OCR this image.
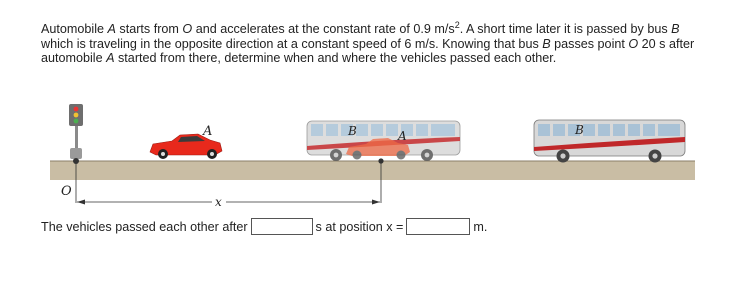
Automobile A starts from O and accelerates at the constant rate of 0.9 $m/s^2$. A short time later it is passed by bus B which is traveling in the opposite direction at a constant speed of 6 m/s. Knowing that bus B passes point O 20 s after automobile A started from there, determine when and where the vehicles passed each other.
A	B	A	B
x
O
The vehicles passed each other after	s at position x =	m.
